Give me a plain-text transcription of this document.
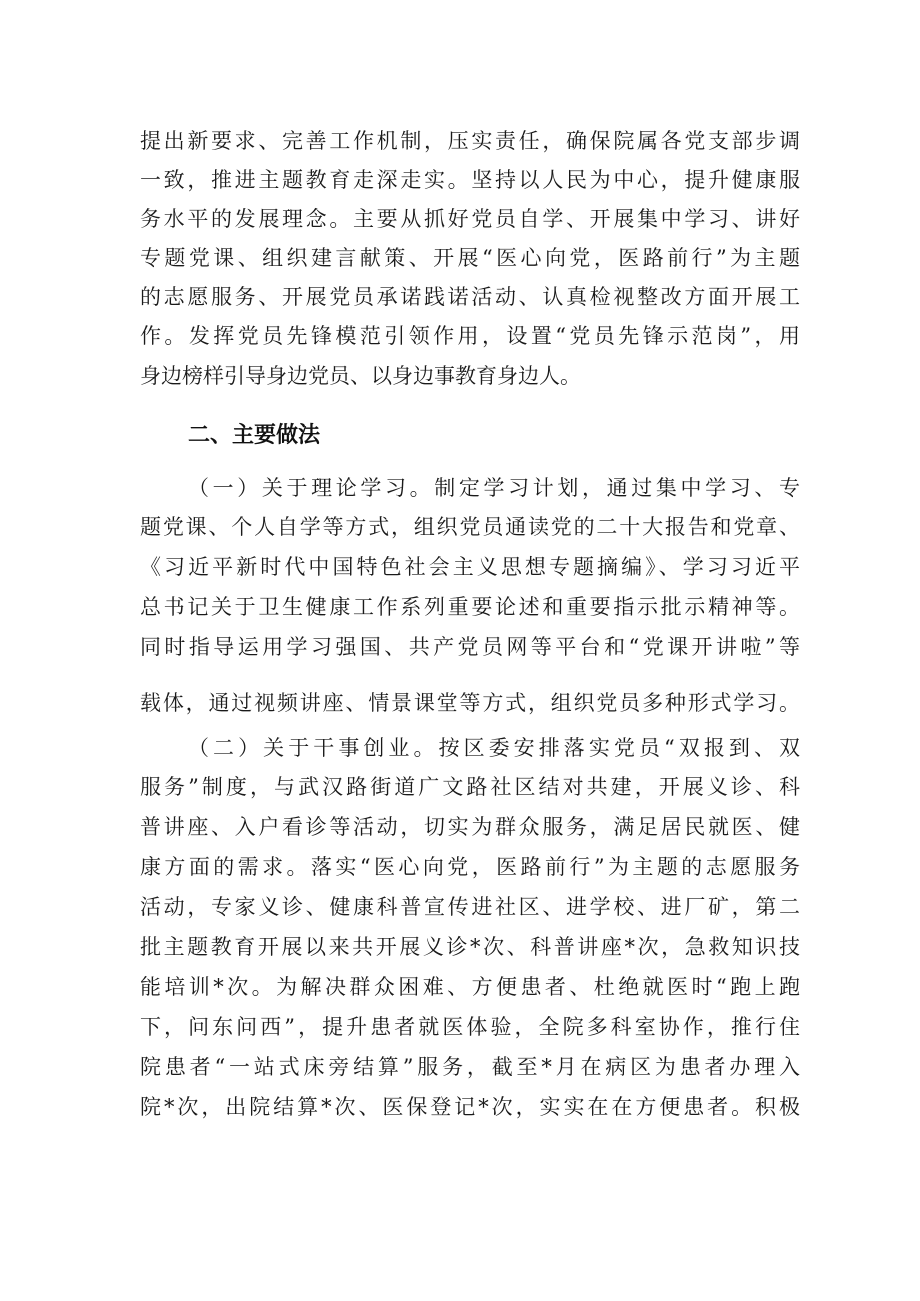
提出新要求、完善工作机制，压实责任，确保院属各党支部步调
一致，推进主题教育走深走实。坚持以人民为中心，提升健康服
务水平的发展理念。主要从抓好党员自学、开展集中学习、讲好
专题党课、组织建言献策、开展“医心向党，医路前行”为主题
的志愿服务、开展党员承诺践诺活动、认真检视整改方面开展工
作。发挥党员先锋模范引领作用，设置“党员先锋示范岗”，用
身边榜样引导身边党员、以身边事教育身边人。
二、主要做法
（一）关于理论学习。制定学习计划，通过集中学习、专
题党课、个人自学等方式，组织党员通读党的二十大报告和党章、
《习近平新时代中国特色社会主义思想专题摘编》、学习习近平
总书记关于卫生健康工作系列重要论述和重要指示批示精神等。
同时指导运用学习强国、共产党员网等平台和“党课开讲啦”等
载体，通过视频讲座、情景课堂等方式，组织党员多种形式学习。
（二）关于干事创业。按区委安排落实党员“双报到、双
服务”制度，与武汉路街道广文路社区结对共建，开展义诊、科
普讲座、入户看诊等活动，切实为群众服务，满足居民就医、健
康方面的需求。落实“医心向党，医路前行”为主题的志愿服务
活动，专家义诊、健康科普宣传进社区、进学校、进厂矿，第二
批主题教育开展以来共开展义诊*次、科普讲座*次，急救知识技
能培训*次。为解决群众困难、方便患者、杜绝就医时“跑上跑
下，问东问西”，提升患者就医体验，全院多科室协作，推行住
院患者“一站式床旁结算”服务，截至*月在病区为患者办理入
院*次，出院结算*次、医保登记*次，实实在在方便患者。积极
